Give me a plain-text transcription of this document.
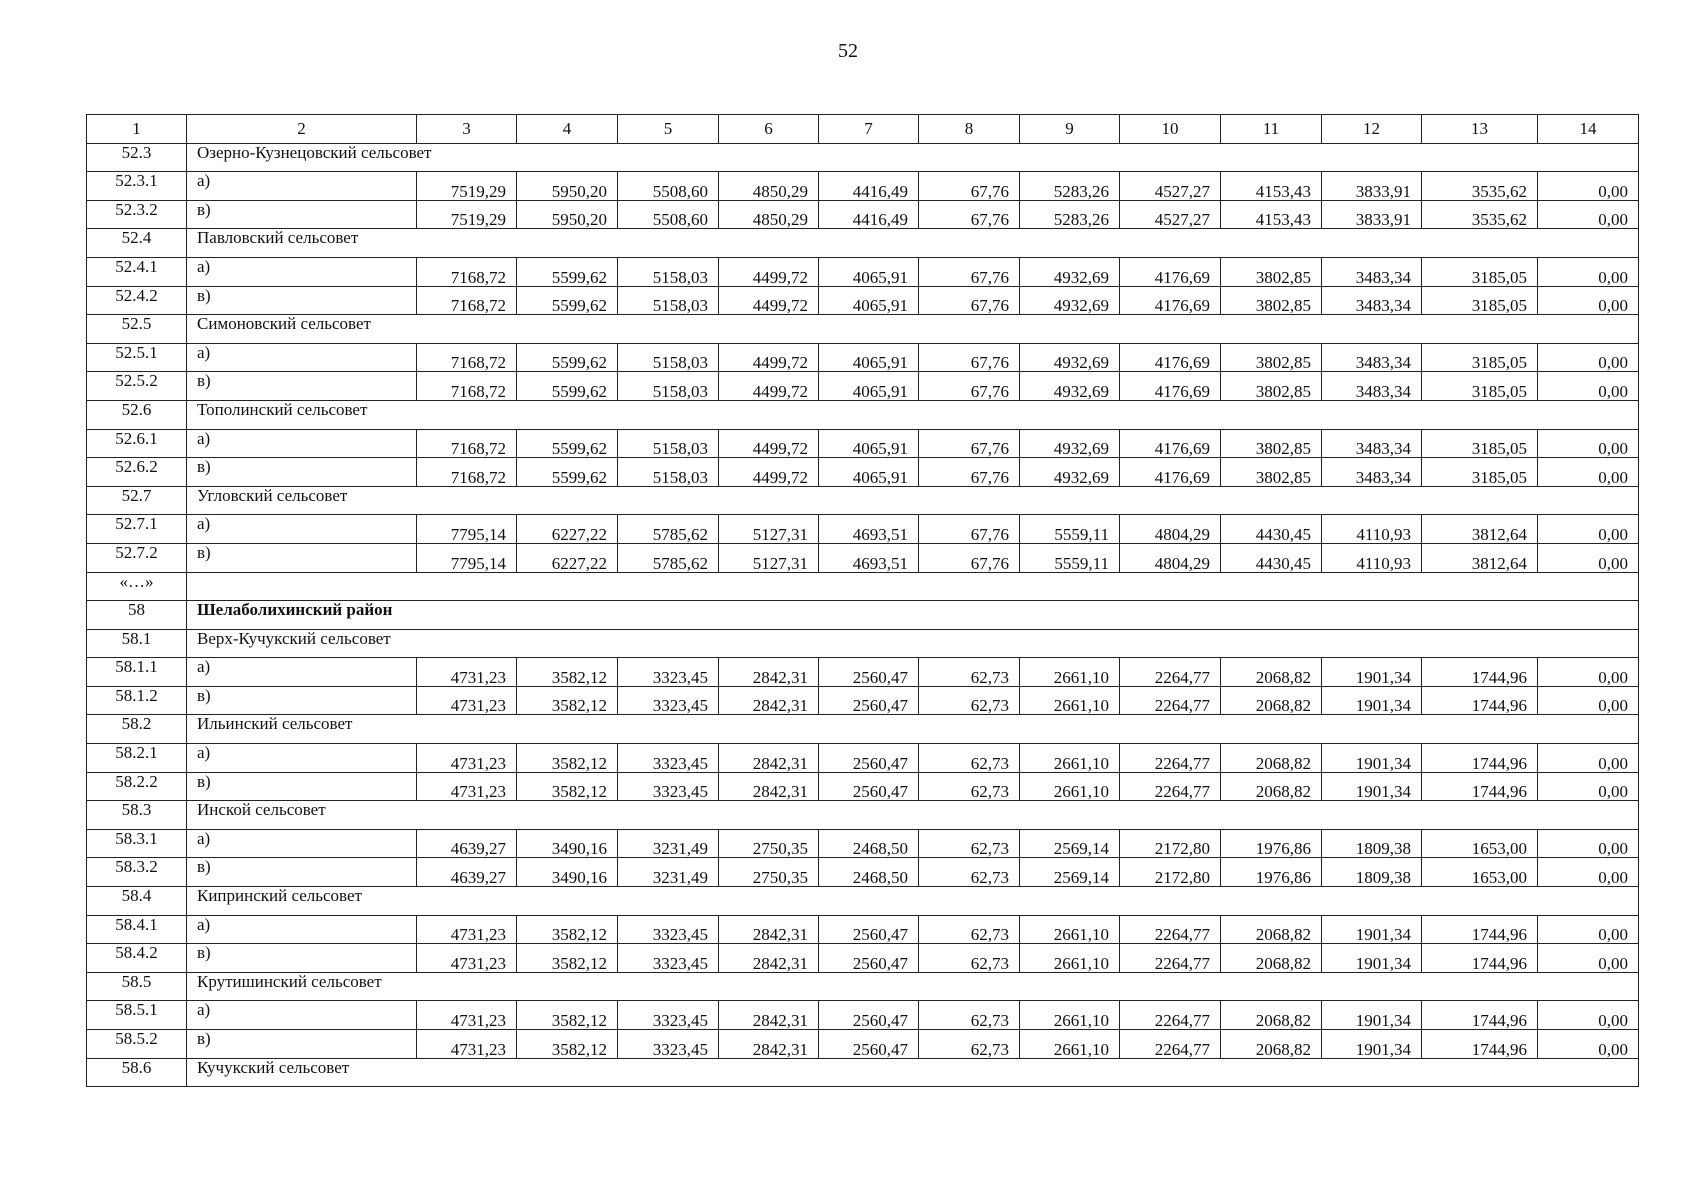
52
1	2	3	4	5	6	7	8	9	10	11	12	13	14
52.3	Озерно-Кузнецовский сельсовет												
52.3.1	а)	7519,29	5950,20	5508,60	4850,29	4416,49	67,76	5283,26	4527,27	4153,43	3833,91	3535,62	0,00
52.3.2	в)	7519,29	5950,20	5508,60	4850,29	4416,49	67,76	5283,26	4527,27	4153,43	3833,91	3535,62	0,00
52.4	Павловский сельсовет												
52.4.1	а)	7168,72	5599,62	5158,03	4499,72	4065,91	67,76	4932,69	4176,69	3802,85	3483,34	3185,05	0,00
52.4.2	в)	7168,72	5599,62	5158,03	4499,72	4065,91	67,76	4932,69	4176,69	3802,85	3483,34	3185,05	0,00
52.5	Симоновский сельсовет												
52.5.1	а)	7168,72	5599,62	5158,03	4499,72	4065,91	67,76	4932,69	4176,69	3802,85	3483,34	3185,05	0,00
52.5.2	в)	7168,72	5599,62	5158,03	4499,72	4065,91	67,76	4932,69	4176,69	3802,85	3483,34	3185,05	0,00
52.6	Тополинский сельсовет												
52.6.1	а)	7168,72	5599,62	5158,03	4499,72	4065,91	67,76	4932,69	4176,69	3802,85	3483,34	3185,05	0,00
52.6.2	в)	7168,72	5599,62	5158,03	4499,72	4065,91	67,76	4932,69	4176,69	3802,85	3483,34	3185,05	0,00
52.7	Угловский сельсовет												
52.7.1	а)	7795,14	6227,22	5785,62	5127,31	4693,51	67,76	5559,11	4804,29	4430,45	4110,93	3812,64	0,00
52.7.2	в)	7795,14	6227,22	5785,62	5127,31	4693,51	67,76	5559,11	4804,29	4430,45	4110,93	3812,64	0,00
«…»													
58	Шелаболихинский район												
58.1	Верх-Кучукский сельсовет												
58.1.1	а)	4731,23	3582,12	3323,45	2842,31	2560,47	62,73	2661,10	2264,77	2068,82	1901,34	1744,96	0,00
58.1.2	в)	4731,23	3582,12	3323,45	2842,31	2560,47	62,73	2661,10	2264,77	2068,82	1901,34	1744,96	0,00
58.2	Ильинский сельсовет												
58.2.1	а)	4731,23	3582,12	3323,45	2842,31	2560,47	62,73	2661,10	2264,77	2068,82	1901,34	1744,96	0,00
58.2.2	в)	4731,23	3582,12	3323,45	2842,31	2560,47	62,73	2661,10	2264,77	2068,82	1901,34	1744,96	0,00
58.3	Инской сельсовет												
58.3.1	а)	4639,27	3490,16	3231,49	2750,35	2468,50	62,73	2569,14	2172,80	1976,86	1809,38	1653,00	0,00
58.3.2	в)	4639,27	3490,16	3231,49	2750,35	2468,50	62,73	2569,14	2172,80	1976,86	1809,38	1653,00	0,00
58.4	Кипринский сельсовет												
58.4.1	а)	4731,23	3582,12	3323,45	2842,31	2560,47	62,73	2661,10	2264,77	2068,82	1901,34	1744,96	0,00
58.4.2	в)	4731,23	3582,12	3323,45	2842,31	2560,47	62,73	2661,10	2264,77	2068,82	1901,34	1744,96	0,00
58.5	Крутишинский сельсовет												
58.5.1	а)	4731,23	3582,12	3323,45	2842,31	2560,47	62,73	2661,10	2264,77	2068,82	1901,34	1744,96	0,00
58.5.2	в)	4731,23	3582,12	3323,45	2842,31	2560,47	62,73	2661,10	2264,77	2068,82	1901,34	1744,96	0,00
58.6	Кучукский сельсовет												
